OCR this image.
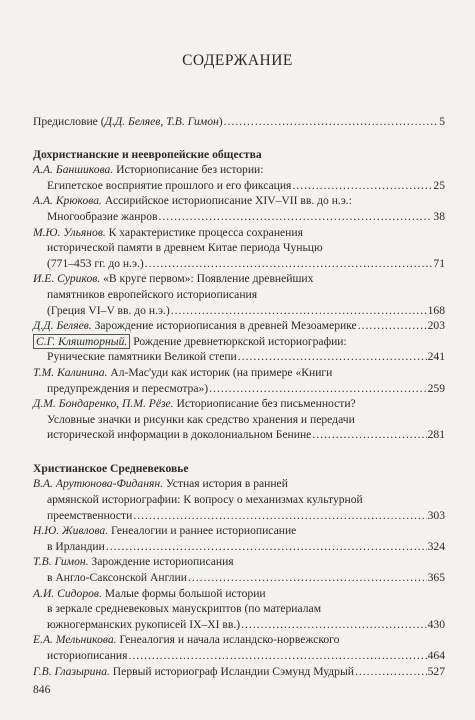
СОДЕРЖАНИЕ
Предисловие (Д.Д. Беляев, Т.В. Гимон) .....	5
Дохристианские и неевропейские общества
А.А. Баншикова. Историописание без истории:
Египетское восприятие прошлого и его фиксация .....	25
А.А. Крюкова. Ассирийское историописание XIV–VII вв. до н.э.:
Многообразие жанров .....	38
М.Ю. Ульянов. К характеристике процесса сохранения
исторической памяти в древнем Китае периода Чуньцю
(771–453 гг. до н.э.) .....	71
И.Е. Суриков. «В круге первом»: Появление древнейших
памятников европейского историописания
(Греция VI–V вв. до н.э.) .....	168
Д.Д. Беляев. Зарождение историописания в древней Мезоамерике .....	203
С.Г. Кляшторный. Рождение древнетюркской историографии:
Рунические памятники Великой степи .....	241
Т.М. Калинина. Ал-Мас'уди как историк (на примере «Книги
предупреждения и пересмотра») .....	259
Д.М. Бондаренко, П.М. Рёзе. Историописание без письменности?
Условные значки и рисунки как средство хранения и передачи
исторической информации в доколониальном Бенине .....	281
Христианское Средневековье
В.А. Арутюнова-Фиданян. Устная история в ранней
армянской историографии: К вопросу о механизмах культурной
преемственности .....	303
Н.Ю. Живлова. Генеалогии и раннее историописание
в Ирландии .....	324
Т.В. Гимон. Зарождение историописания
в Англо-Саксонской Англии .....	365
А.И. Сидоров. Малые формы большой истории
в зеркале средневековых манускриптов (по материалам
южногерманских рукописей IX–XI вв.) .....	430
Е.А. Мельникова. Генеалогия и начала исландско-норвежского
историописания .....	464
Г.В. Глазырина. Первый историограф Исландии Сэмунд Мудрый .....	527
846
